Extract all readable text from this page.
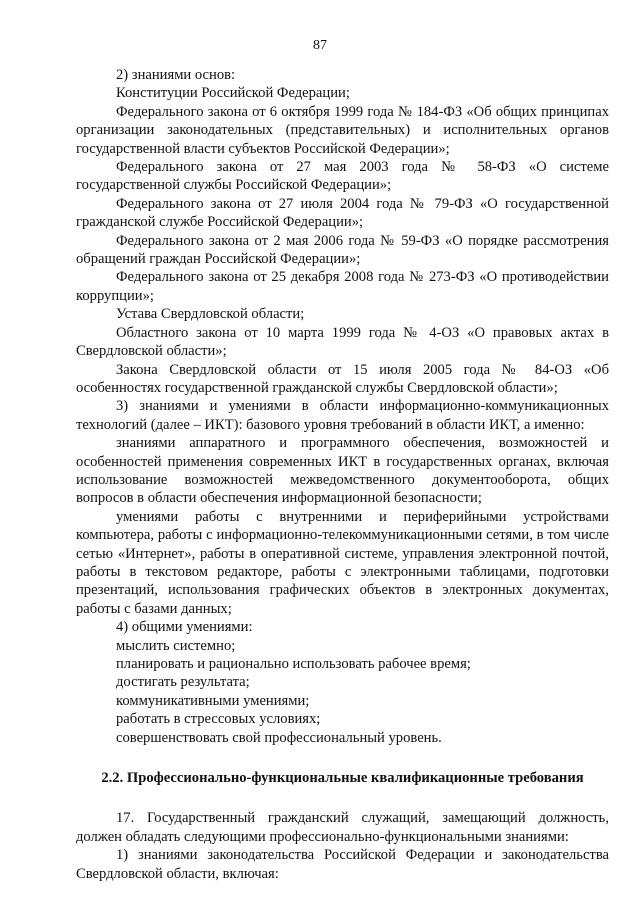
87

2) знаниями основ:

Конституции Российской Федерации;

Федерального закона от 6 октября 1999 года № 184-ФЗ «Об общих принципах организации законодательных (представительных) и исполнительных органов государственной власти субъектов Российской Федерации»;

Федерального закона от 27 мая 2003 года № 58-ФЗ «О системе государственной службы Российской Федерации»;

Федерального закона от 27 июля 2004 года № 79-ФЗ «О государственной гражданской службе Российской Федерации»;

Федерального закона от 2 мая 2006 года № 59-ФЗ «О порядке рассмотрения обращений граждан Российской Федерации»;

Федерального закона от 25 декабря 2008 года № 273-ФЗ «О противодействии коррупции»;

Устава Свердловской области;

Областного закона от 10 марта 1999 года № 4-ОЗ «О правовых актах в Свердловской области»;

Закона Свердловской области от 15 июля 2005 года № 84-ОЗ «Об особенностях государственной гражданской службы Свердловской области»;

3) знаниями и умениями в области информационно-коммуникационных технологий (далее – ИКТ): базового уровня требований в области ИКТ, а именно:

знаниями аппаратного и программного обеспечения, возможностей и особенностей применения современных ИКТ в государственных органах, включая использование возможностей межведомственного документооборота, общих вопросов в области обеспечения информационной безопасности;

умениями работы с внутренними и периферийными устройствами компьютера, работы с информационно-телекоммуникационными сетями, в том числе сетью «Интернет», работы в оперативной системе, управления электронной почтой, работы в текстовом редакторе, работы с электронными таблицами, подготовки презентаций, использования графических объектов в электронных документах, работы с базами данных;

4) общими умениями:

мыслить системно;

планировать и рационально использовать рабочее время;

достигать результата;

коммуникативными умениями;

работать в стрессовых условиях;

совершенствовать свой профессиональный уровень.

2.2. Профессионально-функциональные квалификационные требования

17. Государственный гражданский служащий, замещающий должность, должен обладать следующими профессионально-функциональными знаниями:

1) знаниями законодательства Российской Федерации и законодательства Свердловской области, включая:
